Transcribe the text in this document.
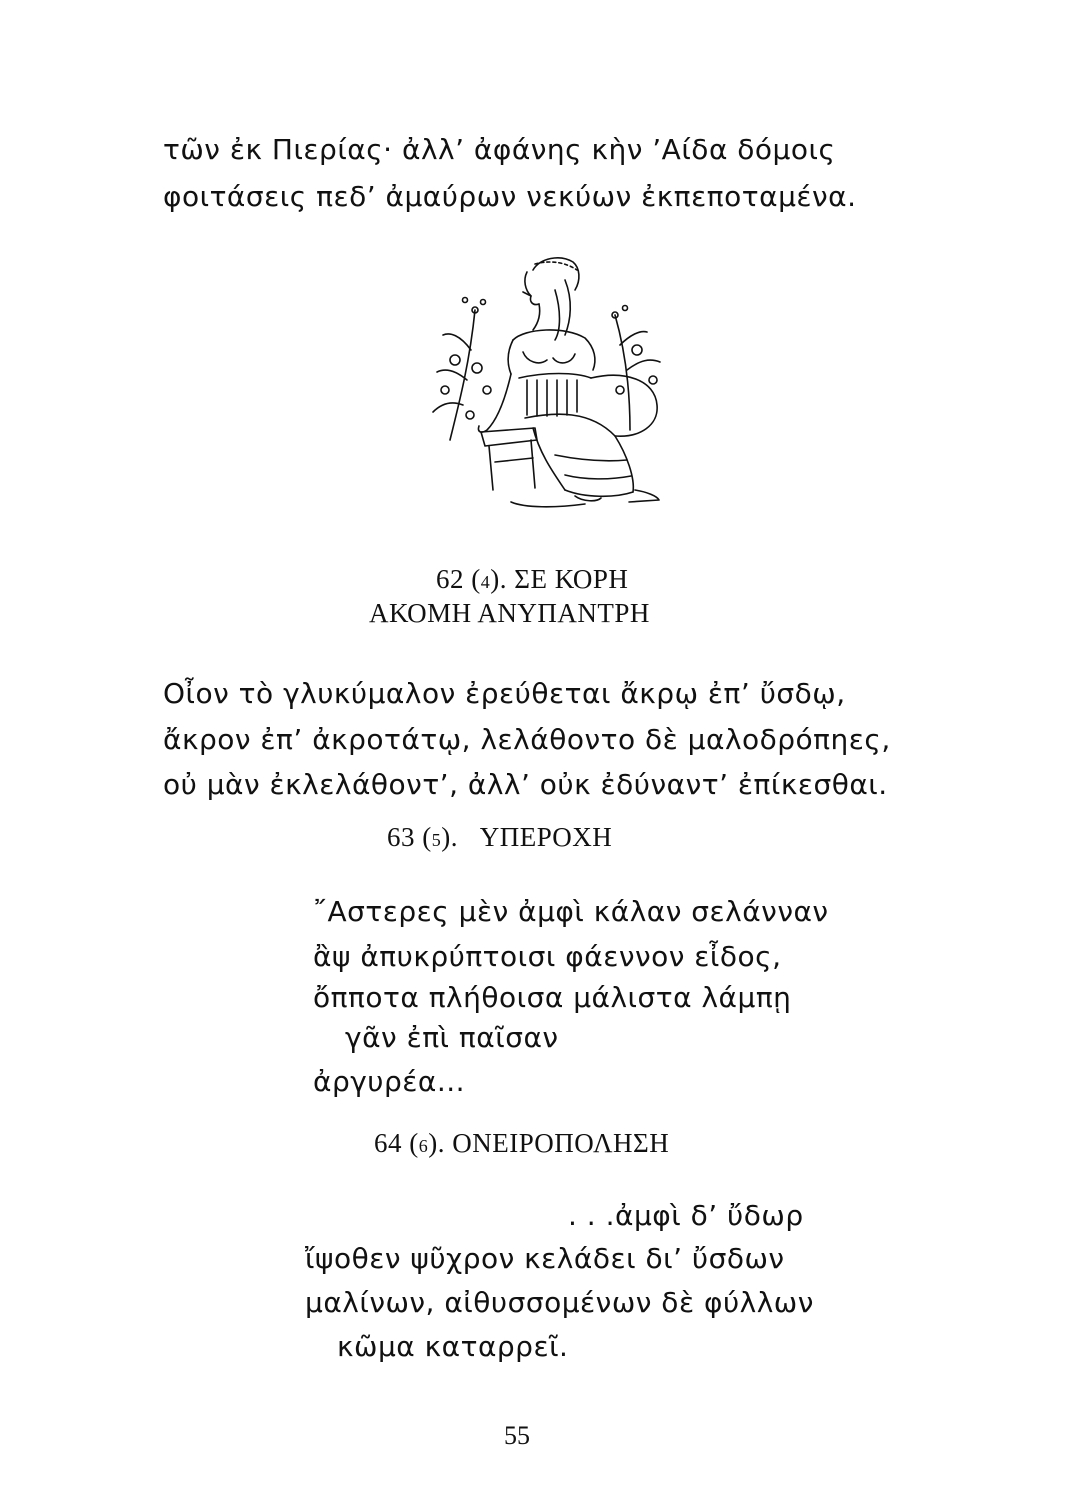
τῶν ἐκ Πιερίας· ἀλλ’ ἀφάνης κὴν ’Αίδα δόμοις
φοιτάσεις πεδ’ ἀμαύρων νεκύων ἐκπεποταμένα.
62 (4). ΣΕ ΚΟΡΗ
ΑΚΟΜΗ ΑΝΥΠΑΝΤΡΗ
Οἶον τὸ γλυκύμαλον ἐρεύθεται ἄκρῳ ἐπ’ ὔσδῳ,
ἄκρον ἐπ’ ἀκροτάτῳ, λελάθοντο δὲ μαλοδρόπηες,
οὐ μὰν ἐκλελάθοντ’, ἀλλ’ οὐκ ἐδύναντ’ ἐπίκεσθαι.
63 (5).   ΥΠΕΡΟΧΗ
῎Αστερες μὲν ἀμφὶ κάλαν σελάνναν
ἂψ ἀπυκρύπτοισι φάεννον εἶδος,
ὄπποτα πλήθοισα μάλιστα λάμπῃ
γᾶν ἐπὶ παῖσαν
ἀργυρέα...
64 (6). ΟΝΕΙΡΟΠΟΛΗΣΗ
. . .ἀμφὶ δ’ ὔδωρ
ἴψοθεν ψῦχρον κελάδει δι’ ὔσδων
μαλίνων, αἰθυσσομένων δὲ φύλλων
κῶμα καταρρεῖ.
55
